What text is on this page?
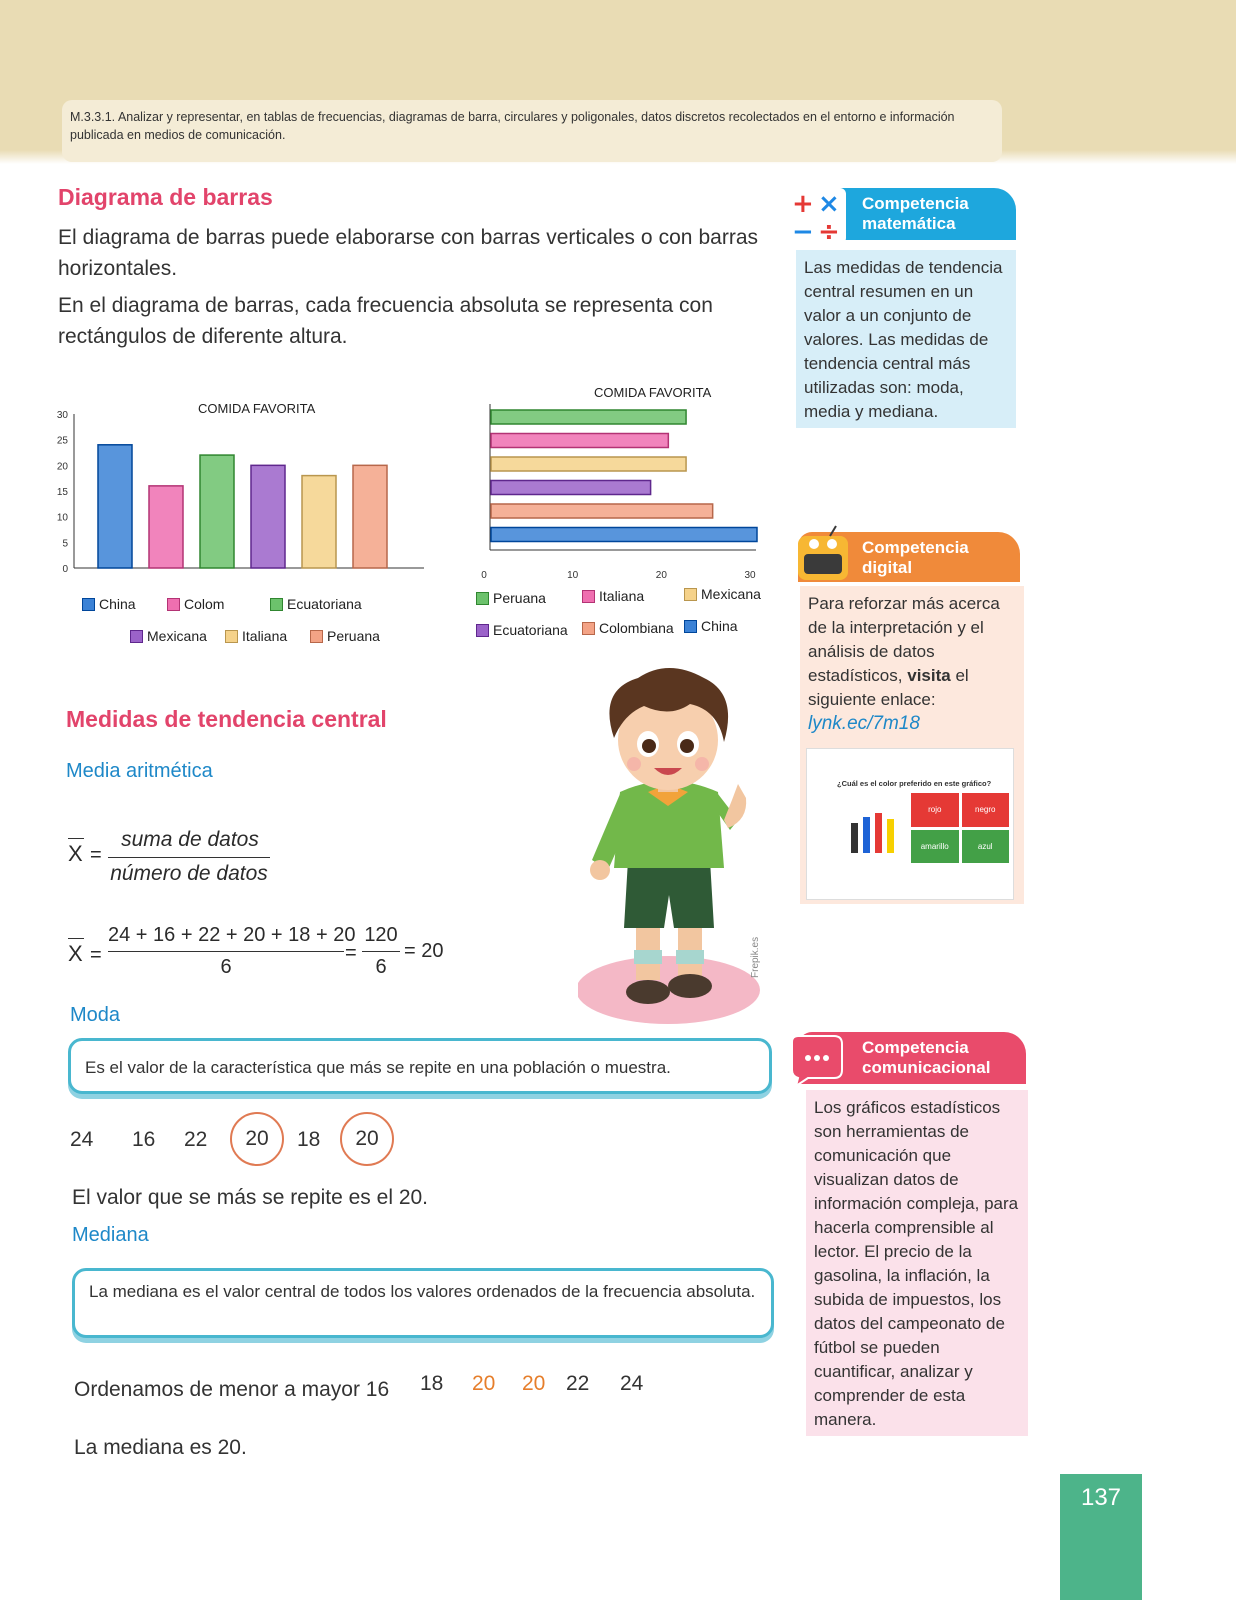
M.3.3.1. Analizar y representar, en tablas de frecuencias, diagramas de barra, circulares y poligonales, datos discretos recolectados en el entorno e información publicada en medios de comunicación.
Diagrama de barras
El diagrama de barras puede elaborarse con barras verticales o con barras horizontales.
En el diagrama de barras, cada frecuencia absoluta se representa con rectángulos de diferente altura.
COMIDA FAVORITA
0
5
10
15
20
25
30
China	Colom	Ecuatoriana
Mexicana	Italiana	Peruana
COMIDA FAVORITA
0	10	20	30
Peruana	Italiana	Mexicana
Ecuatoriana Colombiana China
Medidas de tendencia central
Media aritmética
X =
suma de datos
número de datos
X =
24 + 16 + 22 + 20 + 18 + 20
6
=
120
6
= 20
Moda
Es el valor de la característica que más se repite en una población o muestra.
24 16 22 20 18 20
El valor que se más se repite es el 20.
Mediana
La mediana es el valor central de todos los valores ordenados de la frecuencia absoluta.
Ordenamos de menor a mayor 16 18 20 20 22 24
La mediana es 20.
Frepik.es
Competencia
matemática
+ ×
− ÷
Las medidas de tendencia central resumen en un valor a un conjunto de valores. Las medidas de tendencia central más utilizadas son: moda, media y mediana.
Competencia
digital
Para reforzar más acerca de la interpretación y el análisis de datos estadísticos, visita el siguiente enlace:
lynk.ec/7m18
¿Cuál es el color preferido en este gráfico?
rojo	negro
amarillo	azul
Competencia
comunicacional
Los gráficos estadísticos son herramientas de comunicación que visualizan datos de información compleja, para hacerla comprensible al lector. El precio de la gasolina, la inflación, la subida de impuestos, los datos del campeonato de fútbol se pueden cuantificar, analizar y comprender de esta manera.
137
